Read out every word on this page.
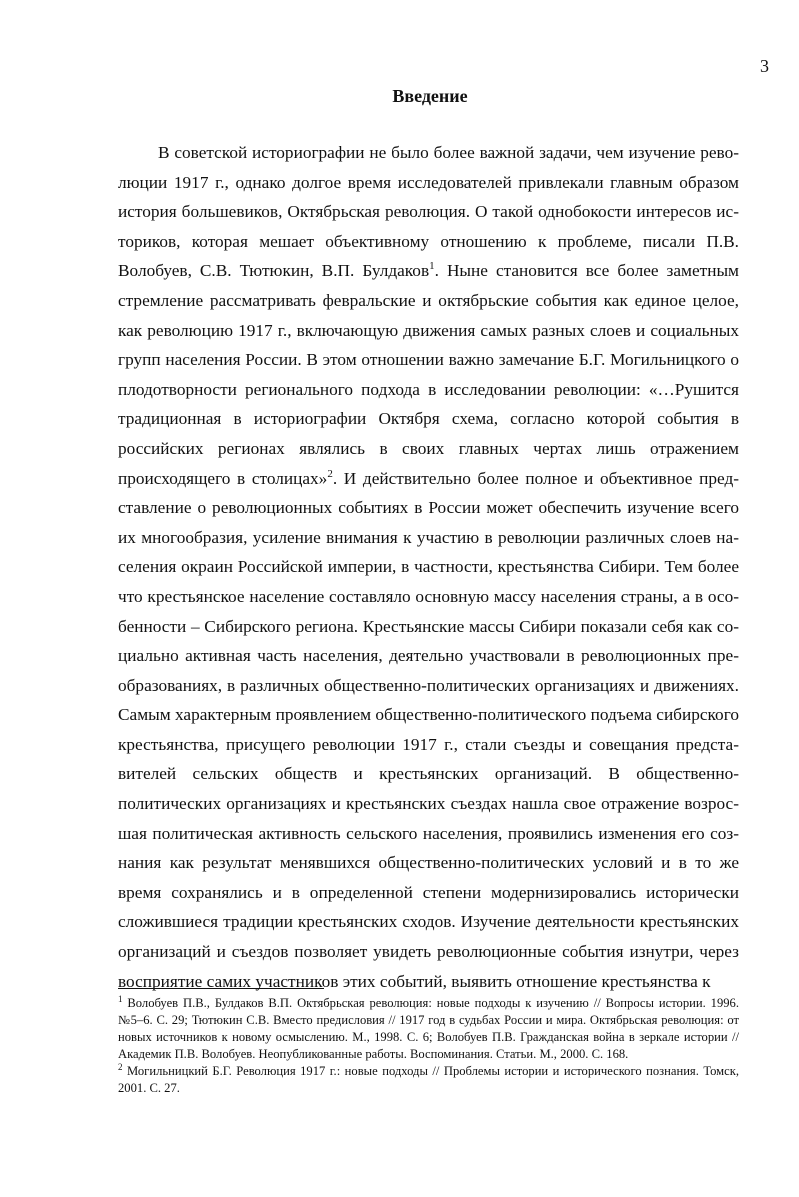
3
Введение

В советской историографии не было более важной задачи, чем изучение революции 1917 г., однако долгое время исследователей привлекали главным образом история большевиков, Октябрьская революция. О такой однобокости интересов историков, которая мешает объективному отношению к проблеме, писали П.В. Волобуев, С.В. Тютюкин, В.П. Булдаков$^1$. Ныне становится все более заметным стремление рассматривать февральские и октябрьские события как единое целое, как революцию 1917 г., включающую движения самых разных слоев и социальных групп населения России. В этом отношении важно замечание Б.Г. Могильницкого о плодотворности регионального подхода в исследовании революции: «…Рушится традиционная в историографии Октября схема, согласно которой события в российских регионах являлись в своих главных чертах лишь отражением происходящего в столицах»$^2$. И действительно более полное и объективное представление о революционных событиях в России может обеспечить изучение всего их многообразия, усиление внимания к участию в революции различных слоев населения окраин Российской империи, в частности, крестьянства Сибири. Тем более что крестьянское население составляло основную массу населения страны, а в особенности – Сибирского региона. Крестьянские массы Сибири показали себя как социально активная часть населения, деятельно участвовали в революционных преобразованиях, в различных общественно-политических организациях и движениях. Самым характерным проявлением общественно-политического подъема сибирского крестьянства, присущего революции 1917 г., стали съезды и совещания представителей сельских обществ и крестьянских организаций. В общественно-политических организациях и крестьянских съездах нашла свое отражение возросшая политическая активность сельского населения, проявились изменения его сознания как результат менявшихся общественно-политических условий и в то же время сохранялись и в определенной степени модернизировались исторически сложившиеся традиции крестьянских сходов. Изучение деятельности крестьянских организаций и съездов позволяет увидеть революционные события изнутри, через восприятие самих участников этих событий, выявить отношение крестьянства к

$^1$ Волобуев П.В., Булдаков В.П. Октябрьская революция: новые подходы к изучению // Вопросы истории. 1996. №5–6. С. 29; Тютюкин С.В. Вместо предисловия // 1917 год в судьбах России и мира. Октябрьская революция: от новых источников к новому осмыслению. М., 1998. С. 6; Волобуев П.В. Гражданская война в зеркале истории // Академик П.В. Волобуев. Неопубликованные работы. Воспоминания. Статьи. М., 2000. С. 168.

$^2$ Могильницкий Б.Г. Революция 1917 г.: новые подходы // Проблемы истории и исторического познания. Томск, 2001. С. 27.
